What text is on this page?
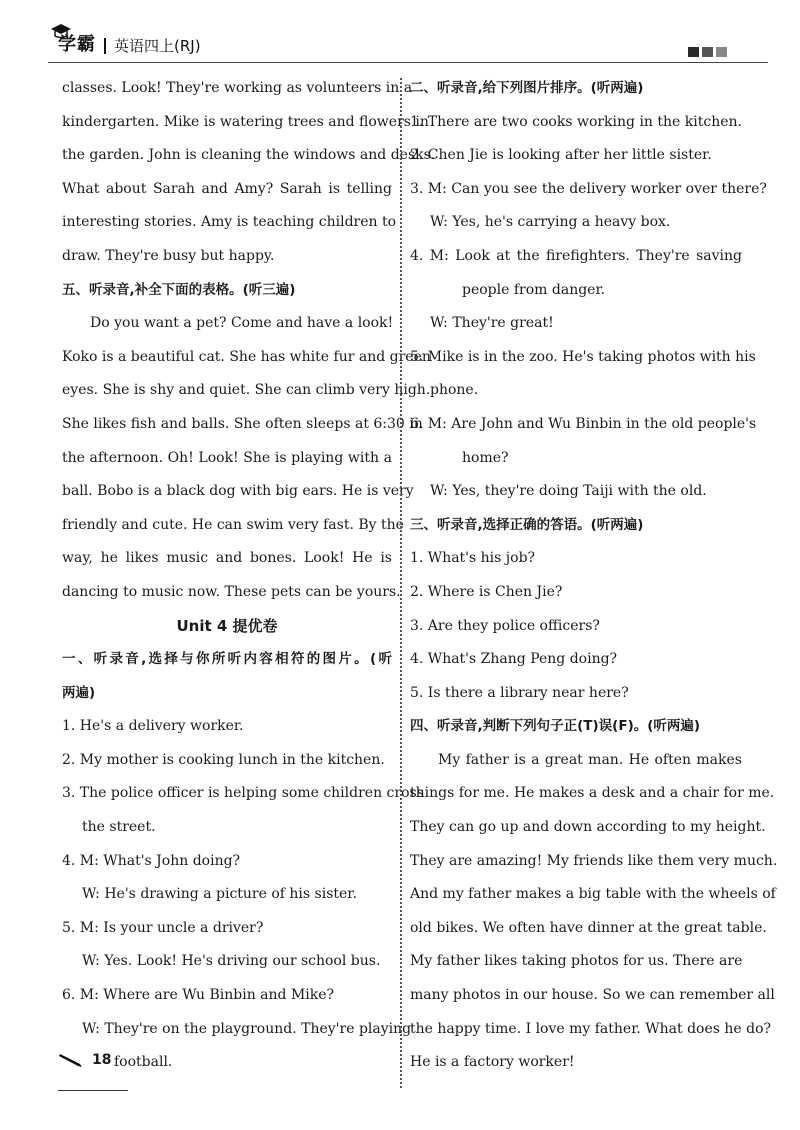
学霸 英语四上(RJ)
classes. Look! They're working as volunteers in a
kindergarten. Mike is watering trees and flowers in
the garden. John is cleaning the windows and desks.
What about Sarah and Amy? Sarah is telling
interesting stories. Amy is teaching children to
draw. They're busy but happy.
五、听录音,补全下面的表格。(听三遍)
Do you want a pet? Come and have a look!
Koko is a beautiful cat. She has white fur and green
eyes. She is shy and quiet. She can climb very high.
She likes fish and balls. She often sleeps at 6:30 in
the afternoon. Oh! Look! She is playing with a
ball. Bobo is a black dog with big ears. He is very
friendly and cute. He can swim very fast. By the
way, he likes music and bones. Look! He is
dancing to music now. These pets can be yours.
Unit 4 提优卷
一、听录音,选择与你所听内容相符的图片。(听
两遍)
1. He's a delivery worker.
2. My mother is cooking lunch in the kitchen.
3. The police officer is helping some children cross
the street.
4. M: What's John doing?
W: He's drawing a picture of his sister.
5. M: Is your uncle a driver?
W: Yes. Look! He's driving our school bus.
6. M: Where are Wu Binbin and Mike?
W: They're on the playground. They're playing
football.
二、听录音,给下列图片排序。(听两遍)
1. There are two cooks working in the kitchen.
2. Chen Jie is looking after her little sister.
3. M: Can you see the delivery worker over there?
W: Yes, he's carrying a heavy box.
4. M: Look at the firefighters. They're saving
people from danger.
W: They're great!
5. Mike is in the zoo. He's taking photos with his
phone.
6. M: Are John and Wu Binbin in the old people's
home?
W: Yes, they're doing Taiji with the old.
三、听录音,选择正确的答语。(听两遍)
1. What's his job?
2. Where is Chen Jie?
3. Are they police officers?
4. What's Zhang Peng doing?
5. Is there a library near here?
四、听录音,判断下列句子正(T)误(F)。(听两遍)
My father is a great man. He often makes
things for me. He makes a desk and a chair for me.
They can go up and down according to my height.
They are amazing! My friends like them very much.
And my father makes a big table with the wheels of
old bikes. We often have dinner at the great table.
My father likes taking photos for us. There are
many photos in our house. So we can remember all
the happy time. I love my father. What does he do?
He is a factory worker!
18
